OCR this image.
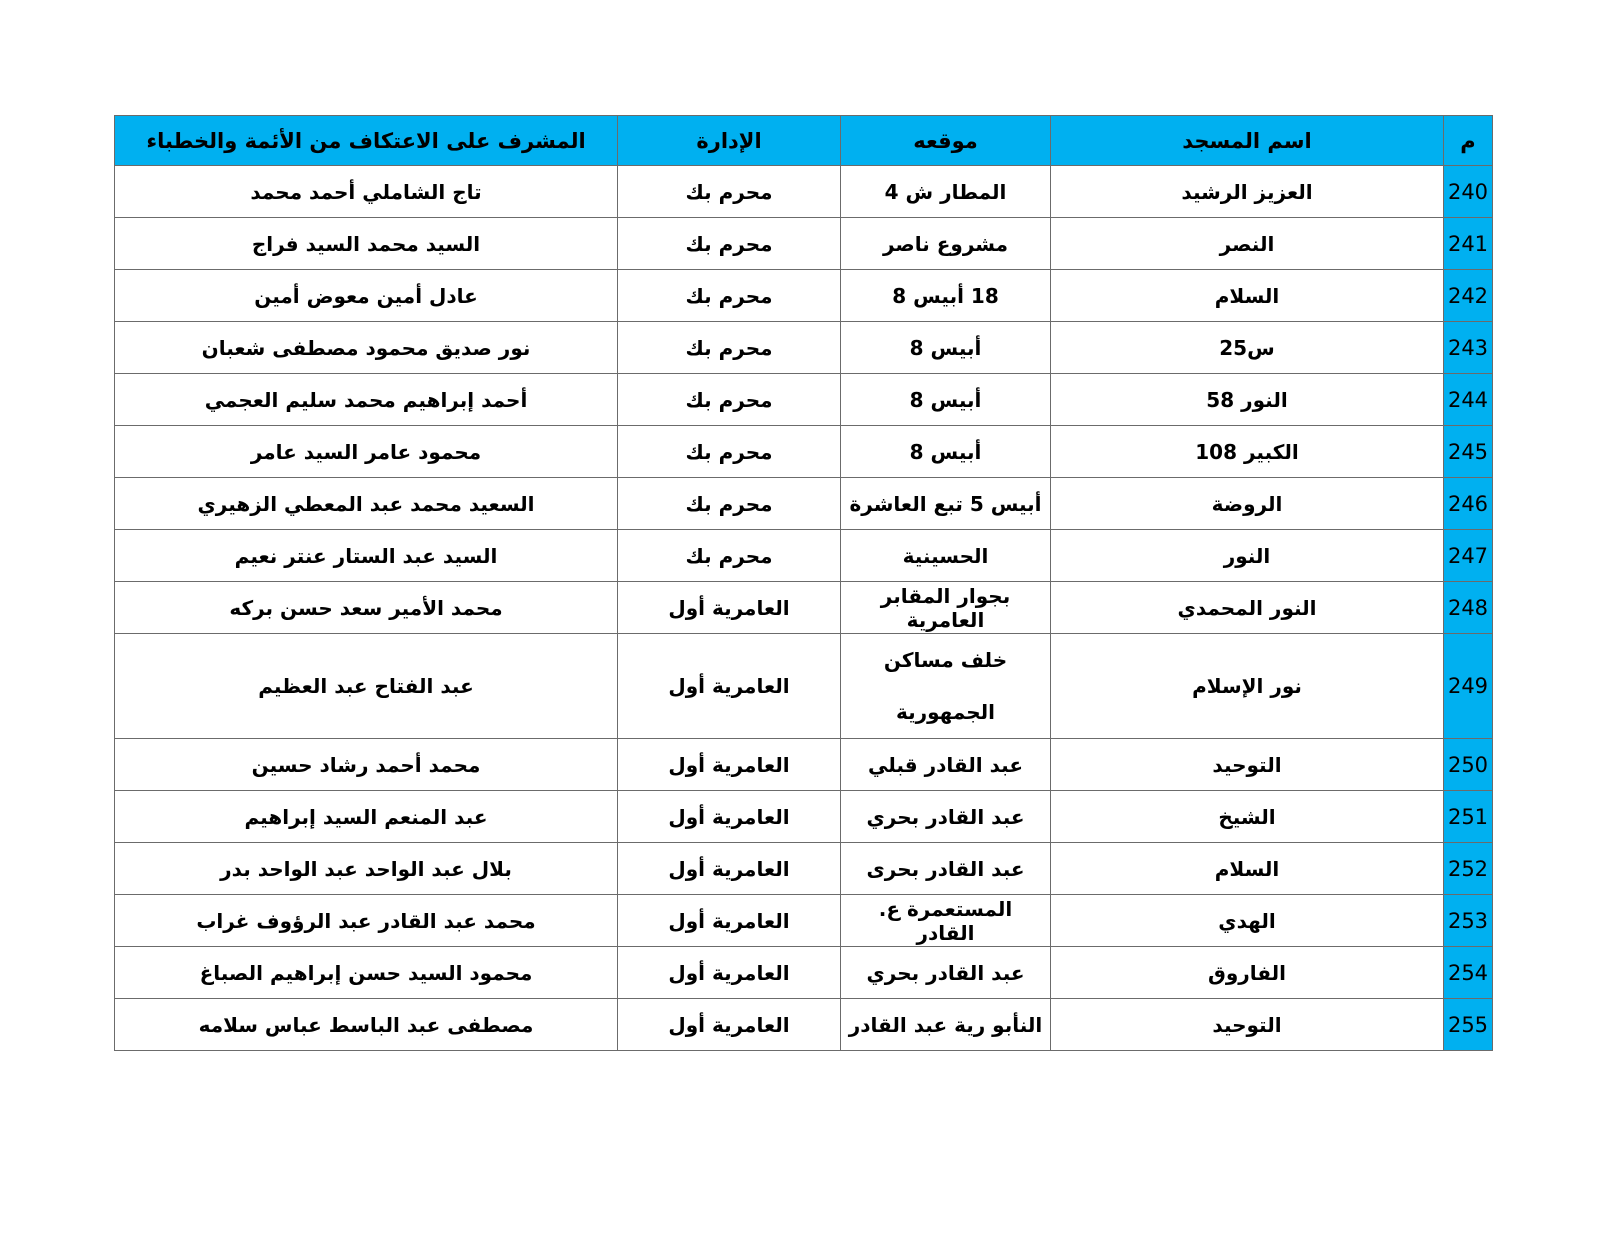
م	اسم المسجد	موقعه	الإدارة	المشرف على الاعتكاف من الأئمة والخطباء
240	العزيز الرشيد	المطار ش 4	محرم بك	تاج الشاملي أحمد محمد
241	النصر	مشروع ناصر	محرم بك	السيد محمد السيد فراج
242	السلام	18 أبيس 8	محرم بك	عادل أمين معوض أمين
243	س25	أبيس 8	محرم بك	نور صديق محمود مصطفى شعبان
244	النور 58	أبيس 8	محرم بك	أحمد إبراهيم محمد سليم العجمي
245	الكبير 108	أبيس 8	محرم بك	محمود عامر السيد عامر
246	الروضة	أبيس 5 تبع العاشرة	محرم بك	السعيد محمد عبد المعطي الزهيري
247	النور	الحسينية	محرم بك	السيد عبد الستار عنتر نعيم
248	النور المحمدي	بجوار المقابر العامرية	العامرية أول	محمد الأمير سعد حسن بركه
249	نور الإسلام	خلف مساكن الجمهورية	العامرية أول	عبد الفتاح عبد العظيم
250	التوحيد	عبد القادر قبلي	العامرية أول	محمد أحمد رشاد حسين
251	الشيخ	عبد القادر بحري	العامرية أول	عبد المنعم السيد إبراهيم
252	السلام	عبد القادر بحرى	العامرية أول	بلال عبد الواحد عبد الواحد بدر
253	الهدي	المستعمرة ع. القادر	العامرية أول	محمد عبد القادر عبد الرؤوف غراب
254	الفاروق	عبد القادر بحري	العامرية أول	محمود السيد حسن إبراهيم الصباغ
255	التوحيد	النأبو رية عبد القادر	العامرية أول	مصطفى عبد الباسط عباس سلامه
